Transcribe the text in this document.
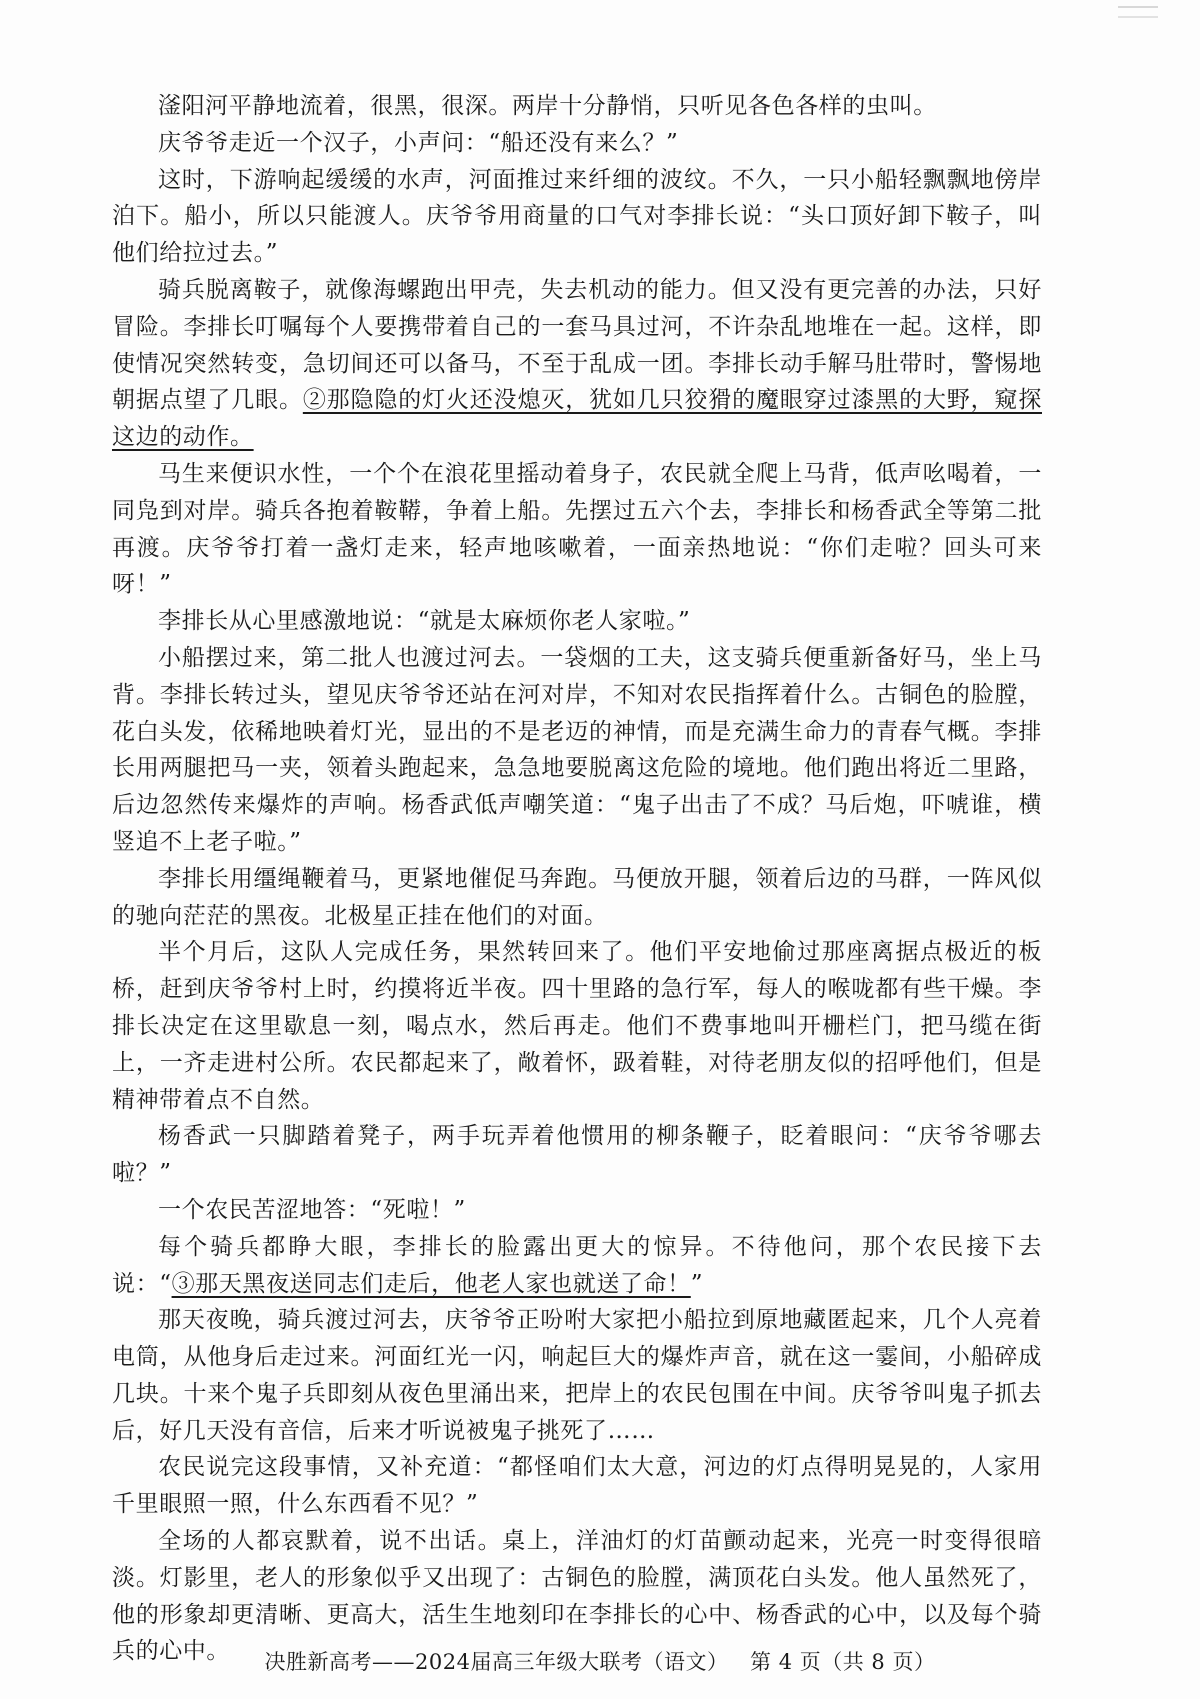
滏阳河平静地流着，很黑，很深。两岸十分静悄，只听见各色各样的虫叫。

庆爷爷走近一个汉子，小声问：“船还没有来么？”

这时，下游响起缓缓的水声，河面推过来纤细的波纹。不久，一只小船轻飘飘地傍岸泊下。船小，所以只能渡人。庆爷爷用商量的口气对李排长说：“头口顶好卸下鞍子，叫他们给拉过去。”

骑兵脱离鞍子，就像海螺跑出甲壳，失去机动的能力。但又没有更完善的办法，只好冒险。李排长叮嘱每个人要携带着自己的一套马具过河，不许杂乱地堆在一起。这样，即使情况突然转变，急切间还可以备马，不至于乱成一团。李排长动手解马肚带时，警惕地朝据点望了几眼。②那隐隐的灯火还没熄灭，犹如几只狡猾的魔眼穿过漆黑的大野，窥探这边的动作。

马生来便识水性，一个个在浪花里摇动着身子，农民就全爬上马背，低声吆喝着，一同凫到对岸。骑兵各抱着鞍鞯，争着上船。先摆过五六个去，李排长和杨香武全等第二批再渡。庆爷爷打着一盏灯走来，轻声地咳嗽着，一面亲热地说：“你们走啦？回头可来呀！”

李排长从心里感激地说：“就是太麻烦你老人家啦。”

小船摆过来，第二批人也渡过河去。一袋烟的工夫，这支骑兵便重新备好马，坐上马背。李排长转过头，望见庆爷爷还站在河对岸，不知对农民指挥着什么。古铜色的脸膛，花白头发，依稀地映着灯光，显出的不是老迈的神情，而是充满生命力的青春气概。李排长用两腿把马一夹，领着头跑起来，急急地要脱离这危险的境地。他们跑出将近二里路，后边忽然传来爆炸的声响。杨香武低声嘲笑道：“鬼子出击了不成？马后炮，吓唬谁，横竖追不上老子啦。”

李排长用缰绳鞭着马，更紧地催促马奔跑。马便放开腿，领着后边的马群，一阵风似的驰向茫茫的黑夜。北极星正挂在他们的对面。

半个月后，这队人完成任务，果然转回来了。他们平安地偷过那座离据点极近的板桥，赶到庆爷爷村上时，约摸将近半夜。四十里路的急行军，每人的喉咙都有些干燥。李排长决定在这里歇息一刻，喝点水，然后再走。他们不费事地叫开栅栏门，把马缆在街上，一齐走进村公所。农民都起来了，敞着怀，趿着鞋，对待老朋友似的招呼他们，但是精神带着点不自然。

杨香武一只脚踏着凳子，两手玩弄着他惯用的柳条鞭子，眨着眼问：“庆爷爷哪去啦？”

一个农民苦涩地答：“死啦！”

每个骑兵都睁大眼，李排长的脸露出更大的惊异。不待他问，那个农民接下去说：“③那天黑夜送同志们走后，他老人家也就送了命！”

那天夜晚，骑兵渡过河去，庆爷爷正吩咐大家把小船拉到原地藏匿起来，几个人亮着电筒，从他身后走过来。河面红光一闪，响起巨大的爆炸声音，就在这一霎间，小船碎成几块。十来个鬼子兵即刻从夜色里涌出来，把岸上的农民包围在中间。庆爷爷叫鬼子抓去后，好几天没有音信，后来才听说被鬼子挑死了……

农民说完这段事情，又补充道：“都怪咱们太大意，河边的灯点得明晃晃的，人家用千里眼照一照，什么东西看不见？”

全场的人都哀默着，说不出话。桌上，洋油灯的灯苗颤动起来，光亮一时变得很暗淡。灯影里，老人的形象似乎又出现了：古铜色的脸膛，满顶花白头发。他人虽然死了，他的形象却更清晰、更高大，活生生地刻印在李排长的心中、杨香武的心中，以及每个骑兵的心中。	决胜新高考——2024届高三年级大联考（语文） 第 4 页（共 8 页）
